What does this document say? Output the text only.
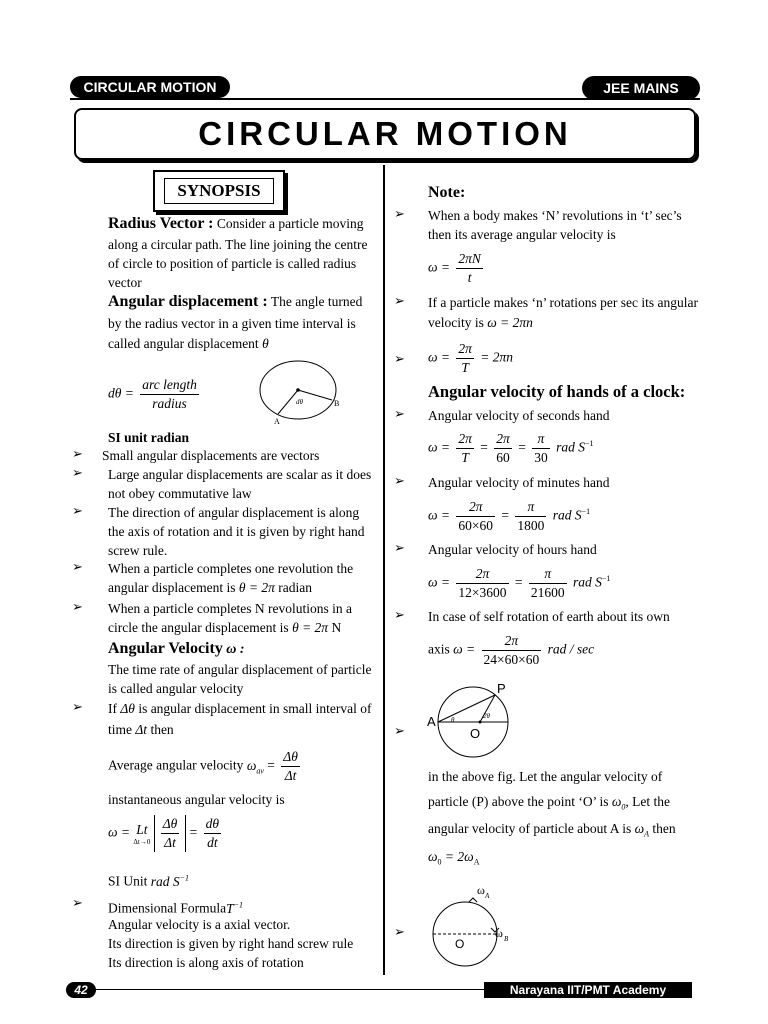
CIRCULAR MOTION	JEE MAINS
CIRCULAR MOTION
SYNOPSIS
Radius Vector : Consider a particle moving
along a circular path. The line joining the centre
of circle to position of particle is called radius
vector
Angular displacement : The angle turned
by the radius vector in a given time interval is
called angular displacement θ
$d\theta = \frac{\text{arc length}}{\text{radius}}$	dθ
A
B
SI unit radian
➢ Small angular displacements are vectors
➢ Large angular displacements are scalar as it does
not obey commutative law
➢ The direction of angular displacement is along
the axis of rotation and it is given by right hand
screw rule.
➢ When a particle completes one revolution the
angular displacement is θ = 2π radian
➢ When a particle completes N revolutions in a
circle the angular displacement is θ = 2π N
Angular Velocity ω :
The time rate of angular displacement of particle
is called angular velocity
➢ If Δθ is angular displacement in small interval of
time Δt then
Average angular velocity $\omega_{av} = \frac{\Delta\theta}{\Delta t}$
instantaneous angular velocity is
ω = Lt
Δt→0
$\frac{\Delta\theta}{\Delta t} = \frac{d\theta}{dt}$
SI Unit rad $S^{-1}$
➢ Dimensional FormulaT$^{-1}$
Angular velocity is a axial vector.
Its direction is given by right hand screw rule
Its direction is along axis of rotation
Note:
➢ When a body makes ‘N’ revolutions in ‘t’ sec’s
then its average angular velocity is
$\omega = \frac{2\pi N}{t}$
➢ If a particle makes ‘n’ rotations per sec its angular
velocity is ω = 2πn
➢ $\omega = \frac{2\pi}{T} = 2\pi n$
Angular velocity of hands of a clock:
➢ Angular velocity of seconds hand
$\omega = \frac{2\pi}{T} = \frac{2\pi}{60} = \frac{\pi}{30}$ rad $S^{-1}$
➢ Angular velocity of minutes hand
$\omega = \frac{2\pi}{60\times 60} = \frac{\pi}{1800}$ rad $S^{-1}$
➢ Angular velocity of hours hand
$\omega = \frac{2\pi}{12\times 3600} = \frac{\pi}{21600}$ rad $S^{-1}$
➢ In case of self rotation of earth about its own
axis $\omega = \frac{2\pi}{24\times 60\times 60}$ rad / sec
➢
P
A
O
θ	2θ
in the above fig. Let the angular velocity of
particle (P) above the point ‘O’ is $\omega_0$, Let the
angular velocity of particle about A is $\omega_A$ then
$\omega_0 = 2\omega_A$
➢
ω A
ω B
O
42	Narayana IIT/PMT Academy
